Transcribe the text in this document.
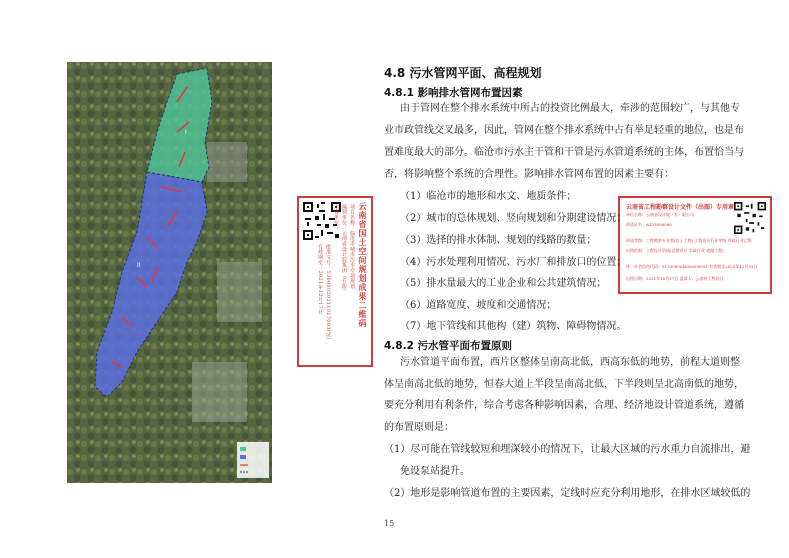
I
II	云南省国土空间规划成果二维码
项目名称：临沧市城市污水专项规划
编制单位：云南省设计院集团（有限）
审查单位：
批准文号：53000020211017003(试)
有效期至：2021年12月17日
云南省工程勘察设计文件（出图）专用章
单位名称：云南省设计院（有）限公司
资质证书：A153000088
资质等级：工程勘察专业类(岩土工程) 工程设计行业甲级 市政行业乙级
出图范围：工程设计资质(总图设计 市政行业 道路工程)
统一社会信用代码：915300004000000001 有效期至2025年12月31日
出图日期：2021年12月17日 盖章人：云南省工程设计
4.8 污水管网平面、高程规划
4.8.1 影响排水管网布置因素
由于管网在整个排水系统中所占的投资比例最大，牵涉的范围较广，与其他专
业市政管线交叉最多，因此，管网在整个排水系统中占有举足轻重的地位，也是布
置难度最大的部分。临沧市污水主干管和干管是污水管道系统的主体，布置恰当与
否，将影响整个系统的合理性。影响排水管网布置的因素主要有：
（1）临沧市的地形和水文、地质条件；
（2）城市的总体规划、竖向规划和分期建设情况；
（3）选择的排水体制、规划的线路的数量；
（4）污水处理利用情况、污水厂和排放口的位置；
（5）排水量最大的工业企业和公共建筑情况；
（6）道路宽度、坡度和交通情况；
（7）地下管线和其他构（建）筑物、障碍物情况。
4.8.2 污水管平面布置原则
污水管道平面布置，西片区整体呈南高北低，西高东低的地势，前程大道则整
体呈南高北低的地势，恒春大道上半段呈南高北低，下半段则呈北高南低的地势，
要充分利用有利条件，综合考虑各种影响因素，合理、经济地设计管道系统，遵循
的布置原则是：
（1）尽可能在管线较短和埋深较小的情况下，让最大区域的污水重力自流排出，避
免设泵站提升。
（2）地形是影响管道布置的主要因素，定线时应充分利用地形，在排水区域较低的
15
